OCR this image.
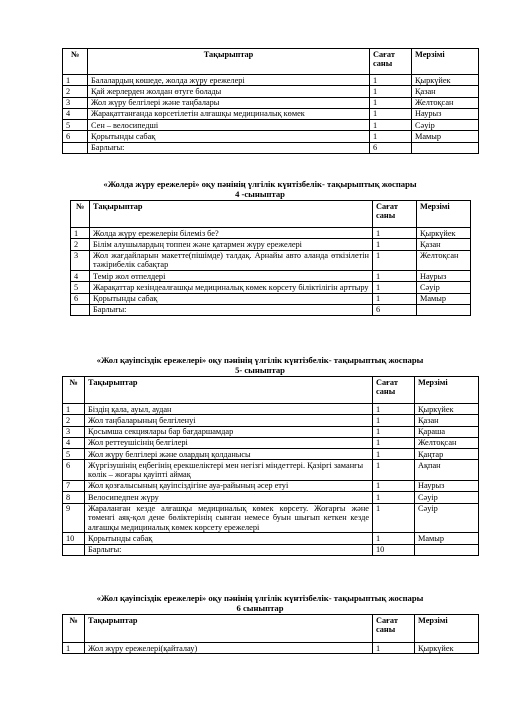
№	Тақырыптар	Сағат саны	Мерзімі
1	Балалардың көшеде, жолда жүру ережелері	1	Қыркүйек
2	Қай жерлерден жолдан өтуге болады	1	Қазан
3	Жол жүру белгілері және таңбалары	1	Желтоқсан
4	Жарақаттанғанда көрсетілетін алғашқы медициналық көмек	1	Наурыз
5	Сен – велосипедші	1	Сәуір
6	Қорытынды сабақ	1	Мамыр
	Барлығы:	6	
«Жолда жүру ережелері» оқу пәнінің үлгілік күнтізбелік- тақырыптық жоспары
4 -сыныптар
№	Тақырыптар	Сағат саны	Мерзімі
1	Жолда жүру ережелерін білеміз бе?	1	Қыркүйек
2	Білім алушылардың топпен және қатармен жүру ережелері	1	Қазан
3	Жол жағдайларын макетте(пішімде) талдақ. Арнайы авто аланда өткізілетін тәжірибелік сабақтар	1	Желтоқсан
4	Темір жол өтпелдері	1	Наурыз
5	Жарақаттар кезіндеалғашқы медициналық көмек көрсету біліктілігін арттыру	1	Сәуір
6	Қорытынды сабақ	1	Мамыр
	Барлығы:	6	
«Жол қауіпсіздік ережелері» оқу пәнінің үлгілік күнтізбелік- тақырыптық жоспары
5- сыныптар
№	Тақырыптар	Сағат саны	Мерзімі
1	Біздің қала, ауыл, аудан	1	Қыркүйек
2	Жол таңбаларының белгіленуі	1	Қазан
3	Қосымша секциялары бар бағдаршамдар	1	Қараша
4	Жол реттеушісінің белгілері	1	Желтоқсан
5	Жол жүру белгілері және олардың қолданысы	1	Қаңтар
6	Жүргізушінің еңбегінің ерекшеліктері мен негізгі міндеттері. Қазіргі заманғы көлік – жоғары қауіпті аймақ	1	Ақпан
7	Жол қозғалысының қауіпсіздігіне ауа-райының әсер етуі	1	Наурыз
8	Велосипедпен жүру	1	Сәуір
9	Жараланған кезде алғашқы медициналық көмек көрсету. Жоғарғы және төменгі аяқ-қол дене бөліктерінің сынған немесе буын шығып кеткен кезде алғашқы медициналық көмек көрсету ережелері	1	Сәуір
10	Қорытынды сабақ	1	Мамыр
	Барлығы:	10	
«Жол қауіпсіздік ережелері» оқу пәнінің үлгілік күнтізбелік- тақырыптық жоспары
6 сыныптар
№	Тақырыптар	Сағат саны	Мерзімі
1	Жол жүру ережелері(қайталау)	1	Қыркүйек
